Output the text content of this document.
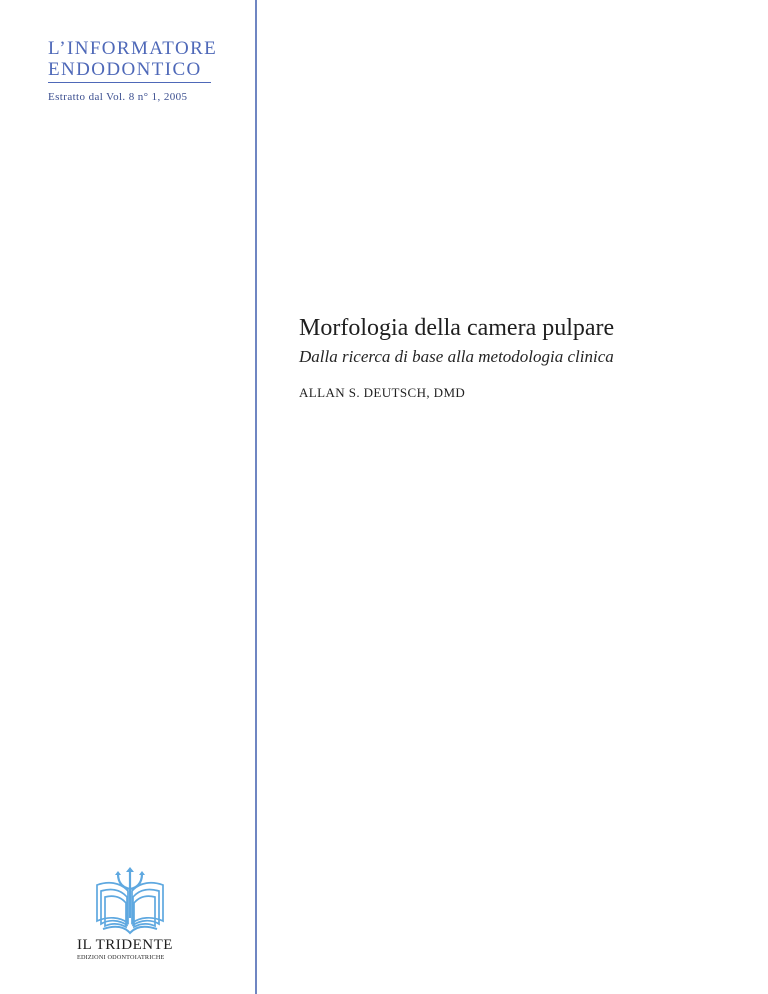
L’INFORMATORE
ENDODONTICO
Estratto dal Vol. 8 n° 1, 2005
Morfologia della camera pulpare
Dalla ricerca di base alla metodologia clinica
ALLAN S. DEUTSCH, DMD
IL TRIDENTE
EDIZIONI ODONTOIATRICHE
